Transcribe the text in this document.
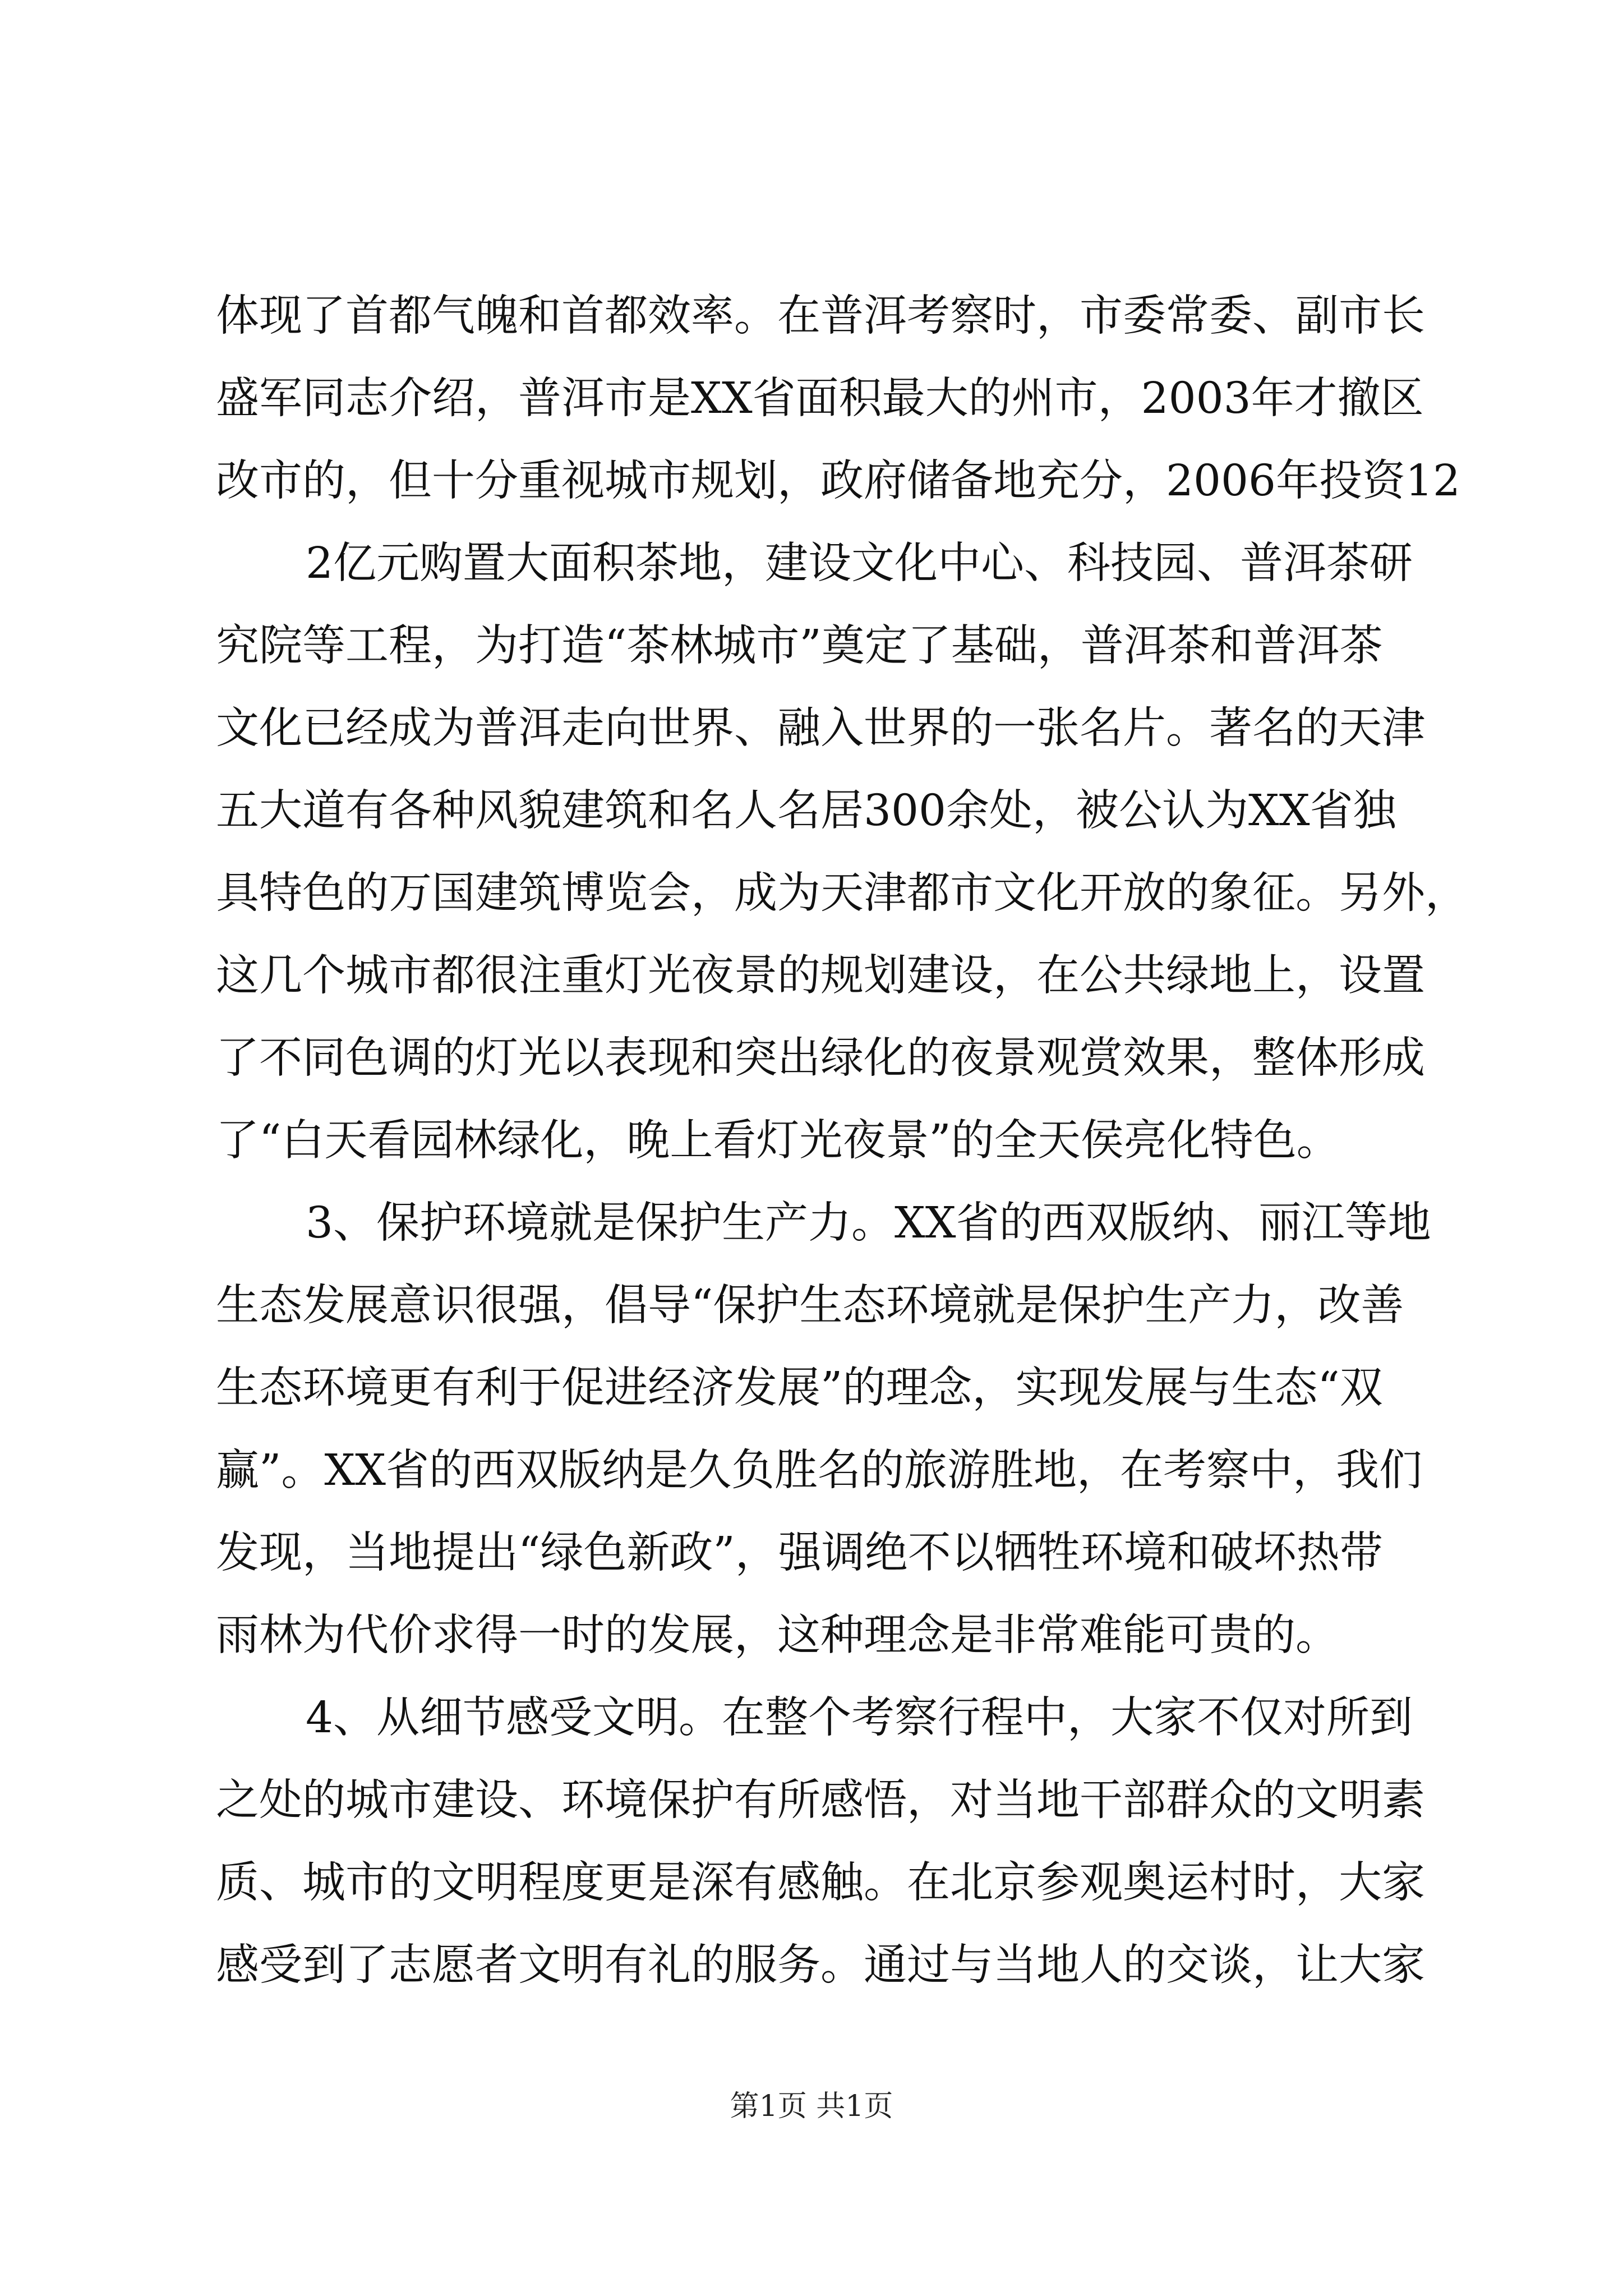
体现了首都气魄和首都效率。在普洱考察时，市委常委、副市长
盛军同志介绍，普洱市是XX省面积最大的州市，2003年才撤区
改市的，但十分重视城市规划，政府储备地充分，2006年投资12
2亿元购置大面积茶地，建设文化中心、科技园、普洱茶研
究院等工程，为打造“茶林城市”奠定了基础，普洱茶和普洱茶
文化已经成为普洱走向世界、融入世界的一张名片。著名的天津
五大道有各种风貌建筑和名人名居300余处，被公认为XX省独
具特色的万国建筑博览会，成为天津都市文化开放的象征。另外，
这几个城市都很注重灯光夜景的规划建设，在公共绿地上，设置
了不同色调的灯光以表现和突出绿化的夜景观赏效果，整体形成
了“白天看园林绿化，晚上看灯光夜景”的全天侯亮化特色。
3、保护环境就是保护生产力。XX省的西双版纳、丽江等地
生态发展意识很强，倡导“保护生态环境就是保护生产力，改善
生态环境更有利于促进经济发展”的理念，实现发展与生态“双
赢”。XX省的西双版纳是久负胜名的旅游胜地，在考察中，我们
发现，当地提出“绿色新政”，强调绝不以牺牲环境和破坏热带
雨林为代价求得一时的发展，这种理念是非常难能可贵的。
4、从细节感受文明。在整个考察行程中，大家不仅对所到
之处的城市建设、环境保护有所感悟，对当地干部群众的文明素
质、城市的文明程度更是深有感触。在北京参观奥运村时，大家
感受到了志愿者文明有礼的服务。通过与当地人的交谈，让大家
第1页 共1页
